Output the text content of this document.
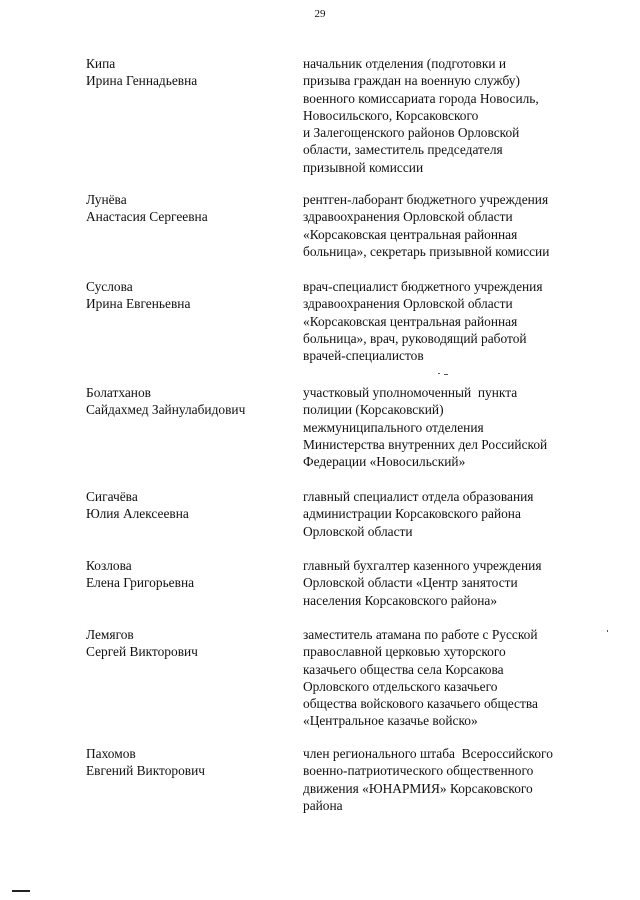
29
Кипа
Ирина Геннадьевна
начальник отделения (подготовки и
призыва граждан на военную службу)
военного комиссариата города Новосиль,
Новосильского, Корсаковского
и Залегощенского районов Орловской
области, заместитель председателя
призывной комиссии
Лунёва
Анастасия Сергеевна
рентген-лаборант бюджетного учреждения
здравоохранения Орловской области
«Корсаковская центральная районная
больница», секретарь призывной комиссии
Суслова
Ирина Евгеньевна
врач-специалист бюджетного учреждения
здравоохранения Орловской области
«Корсаковская центральная районная
больница», врач, руководящий работой
врачей-специалистов
Болатханов
Сайдахмед Зайнулабидович
участковый уполномоченный  пункта
полиции (Корсаковский)
межмуниципального отделения
Министерства внутренних дел Российской
Федерации «Новосильский»
Сигачёва
Юлия Алексеевна
главный специалист отдела образования
администрации Корсаковского района
Орловской области
Козлова
Елена Григорьевна
главный бухгалтер казенного учреждения
Орловской области «Центр занятости
населения Корсаковского района»
Лемягов
Сергей Викторович
заместитель атамана по работе с Русской
православной церковью хуторского
казачьего общества села Корсакова
Орловского отдельского казачьего
общества войскового казачьего общества
«Центральное казачье войско»
Пахомов
Евгений Викторович
член регионального штаба  Всероссийского
военно-патриотического общественного
движения «ЮНАРМИЯ» Корсаковского
района
